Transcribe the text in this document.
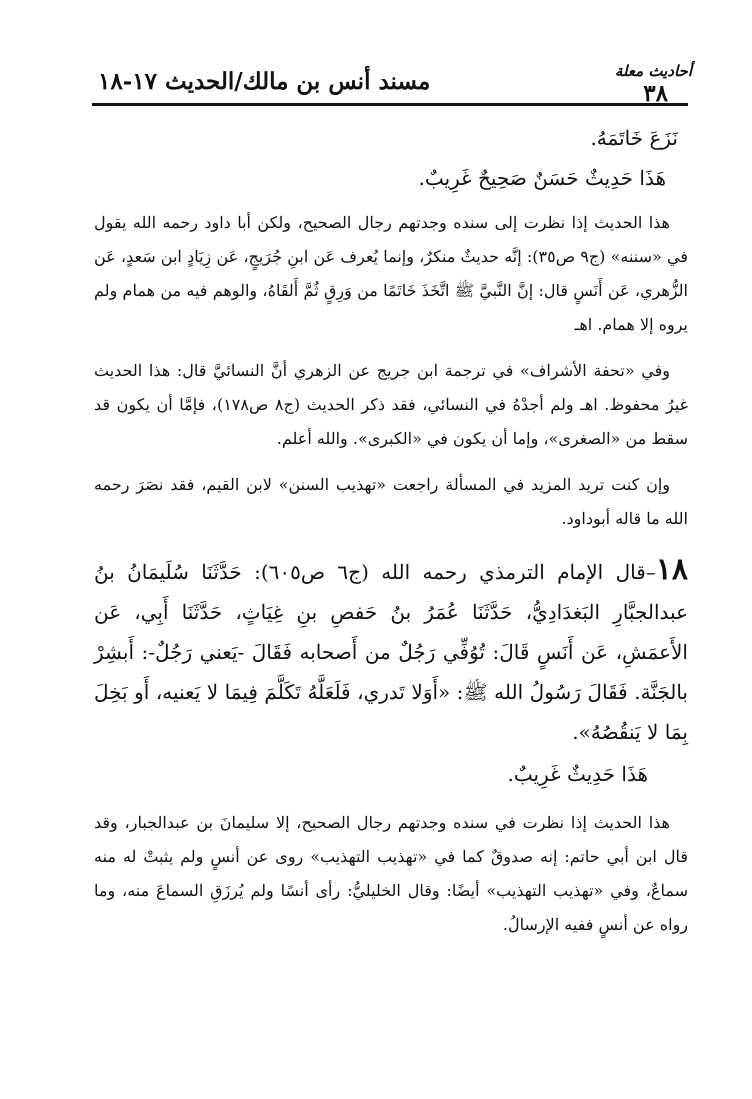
أحاديث معلة
٣٨
مسند أنس بن مالك/الحديث ١٧-١٨

نَزَعَ خَاتَمَهُ.

هَذَا حَدِيثٌ حَسَنٌ صَحِيحٌ غَرِيبٌ.

هذا الحديث إذا نظرت إلى سنده وجدتهم رجال الصحيح، ولكن أبا داود رحمه الله يقول في «سننه» (ج٩ ص٣٥): إنَّه حديثٌ منكرٌ، وإنما يُعرف عَن ابنِ جُرَيجٍ، عَن زِيَادٍ ابن سَعدٍ، عَن الزُّهري، عَن أَنَسٍ قال: إنَّ النَّبيَّ ﷺ اتَّخَذَ خَاتَمًا من وَرِقٍ ثُمَّ أَلقَاهُ، والوهم فيه من همام ولم يروه إلا همام. اهـ

وفي «تحفة الأشراف» في ترجمة ابن جريج عن الزهري أنَّ النسائيَّ قال: هذا الحديث غيرُ محفوظ. اهـ ولم أجدْهُ في النسائي، فقد ذكر الحديث (ج٨ ص١٧٨)، فإمَّا أن يكون قد سقط من «الصغرى»، وإما أن يكون في «الكبرى». والله أعلم.

وإن كنت تريد المزيد في المسألة راجعت «تهذيب السنن» لابن القيم، فقد نصَرَ رحمه الله ما قاله أبوداود.

١٨–قال الإمام الترمذي رحمه الله (ج٦ ص٦٠٥): حَدَّثَنَا سُلَيمَانُ بنُ عبدالجبَّارِ البَغدَادِيُّ، حَدَّثَنَا عُمَرُ بنُ حَفصِ بنِ غِيَاثٍ، حَدَّثَنَا أَبِي، عَن الأَعمَشِ، عَن أَنَسٍ قَالَ: تُوُفِّي رَجُلٌ من أَصحابه فَقَالَ -يَعني رَجُلٌ-: أَبشِرْ بالجَنَّة. فَقَالَ رَسُولُ الله ﷺ: «أَوَلا تَدري، فَلَعَلَّهُ تَكَلَّمَ فِيمَا لا يَعنيه، أَو بَخِلَ بِمَا لا يَنقُصُهُ».

هَذَا حَدِيثٌ غَرِيبٌ.

هذا الحديث إذا نظرت في سنده وجدتهم رجال الصحيح، إلا سليمانَ بن عبدالجبار، وقد قال ابن أبي حاتم: إنه صدوقٌ كما في «تهذيب التهذيب» روى عن أنسٍ ولم يثبتْ له منه سماعٌ، وفي «تهذيب التهذيب» أيضًا: وقال الخليليُّ: رأى أنسًا ولم يُرزَقِ السماعَ منه، وما رواه عن أنسٍ ففيه الإرسالُ.
